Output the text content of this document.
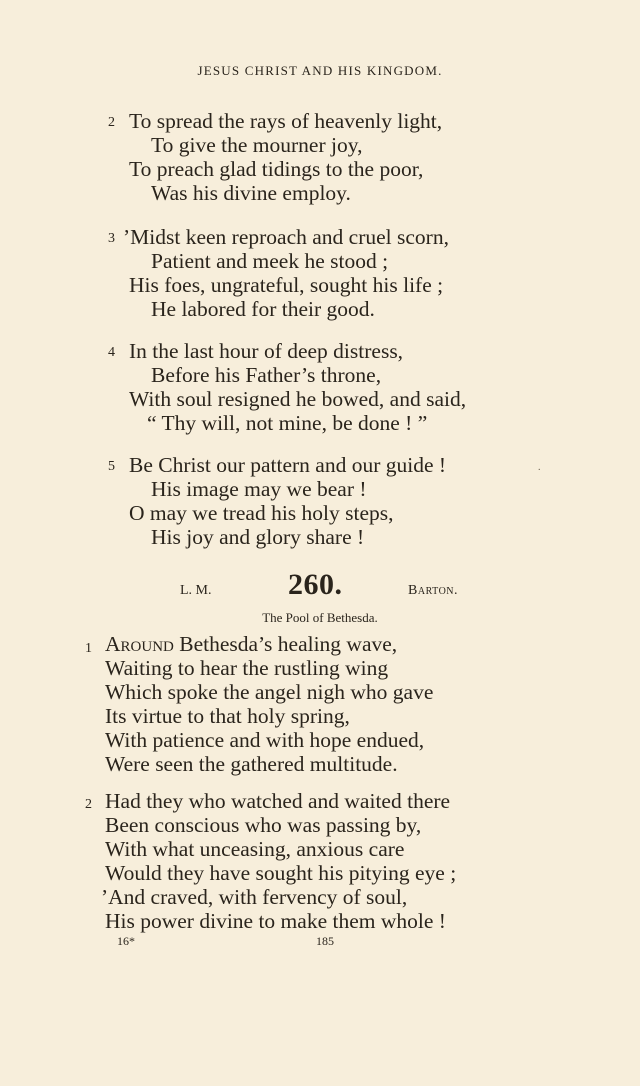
JESUS CHRIST AND HIS KINGDOM.
2 To spread the rays of heavenly light,
To give the mourner joy,
To preach glad tidings to the poor,
Was his divine employ.
3 ’Midst keen reproach and cruel scorn,
Patient and meek he stood ;
His foes, ungrateful, sought his life ;
He labored for their good.
4 In the last hour of deep distress,
Before his Father’s throne,
With soul resigned he bowed, and said,
“ Thy will, not mine, be done ! ”
5 Be Christ our pattern and our guide !
His image may we bear !
O may we tread his holy steps,
His joy and glory share !
.
L. M.	260.	Barton.
The Pool of Bethesda.
1 Around Bethesda’s healing wave,
Waiting to hear the rustling wing
Which spoke the angel nigh who gave
Its virtue to that holy spring,
With patience and with hope endued,
Were seen the gathered multitude.
2 Had they who watched and waited there
Been conscious who was passing by,
With what unceasing, anxious care
Would they have sought his pitying eye ;
’And craved, with fervency of soul,
His power divine to make them whole !
16*	185
